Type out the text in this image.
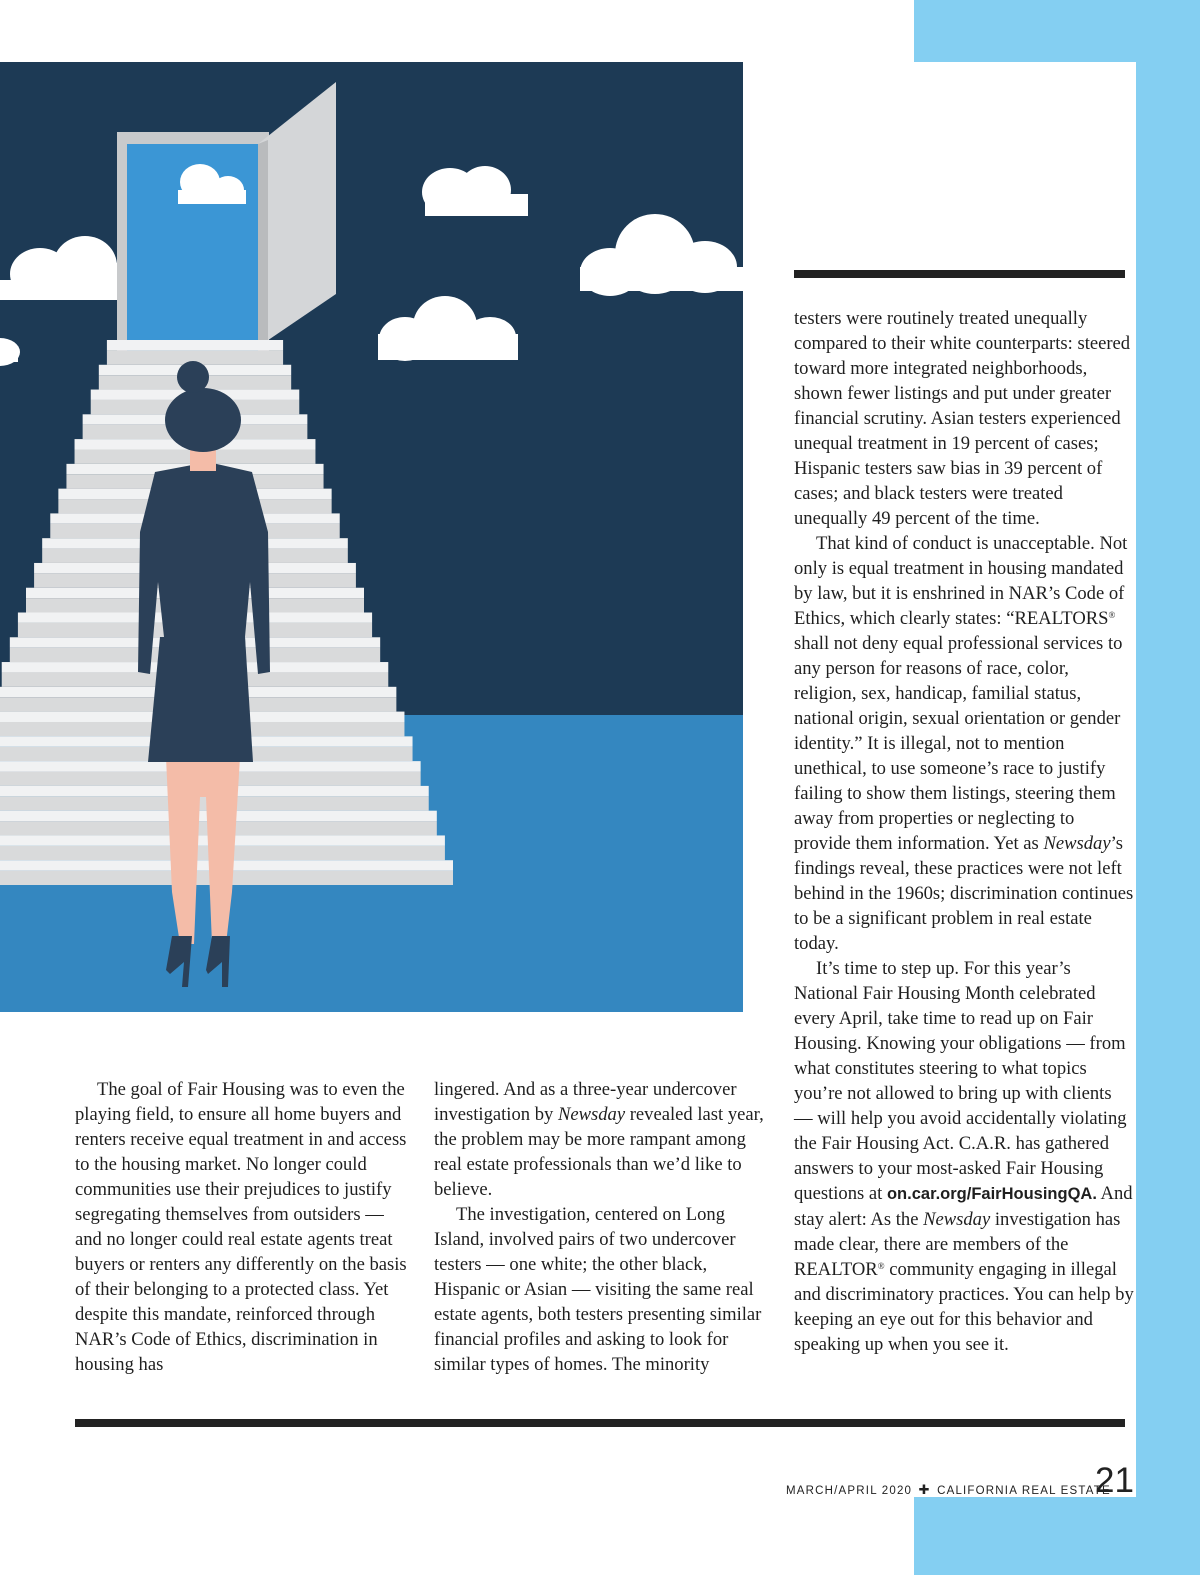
The goal of Fair Housing was to even the playing field, to ensure all home buyers and renters receive equal treatment in and access to the housing market. No longer could communities use their prejudices to justify segregating themselves from outsiders — and no longer could real estate agents treat buyers or renters any differently on the basis of their belonging to a protected class. Yet despite this mandate, reinforced through NAR’s Code of Ethics, discrimination in housing has

lingered. And as a three-year undercover investigation by Newsday revealed last year, the problem may be more rampant among real estate professionals than we’d like to believe.

The investigation, centered on Long Island, involved pairs of two undercover testers — one white; the other black, Hispanic or Asian — visiting the same real estate agents, both testers presenting similar financial profiles and asking to look for similar types of homes. The minority

testers were routinely treated unequally compared to their white counterparts: steered toward more integrated neighborhoods, shown fewer listings and put under greater financial scrutiny. Asian testers experienced unequal treatment in 19 percent of cases; Hispanic testers saw bias in 39 percent of cases; and black testers were treated unequally 49 percent of the time.

That kind of conduct is unacceptable. Not only is equal treatment in housing mandated by law, but it is enshrined in NAR’s Code of Ethics, which clearly states: “REALTORS® shall not deny equal professional services to any person for reasons of race, color, religion, sex, handicap, familial status, national origin, sexual orientation or gender identity.” It is illegal, not to mention unethical, to use someone’s race to justify failing to show them listings, steering them away from properties or neglecting to provide them information. Yet as Newsday’s findings reveal, these practices were not left behind in the 1960s; discrimination continues to be a significant problem in real estate today.

It’s time to step up. For this year’s National Fair Housing Month celebrated every April, take time to read up on Fair Housing. Knowing your obligations — from what constitutes steering to what topics you’re not allowed to bring up with clients — will help you avoid accidentally violating the Fair Housing Act. C.A.R. has gathered answers to your most-asked Fair Housing questions at on.car.org/FairHousingQA. And stay alert: As the Newsday investigation has made clear, there are members of the REALTOR® community engaging in illegal and discriminatory practices. You can help by keeping an eye out for this behavior and speaking up when you see it.

MARCH/APRIL 2020 ✚ CALIFORNIA REAL ESTATE
21
